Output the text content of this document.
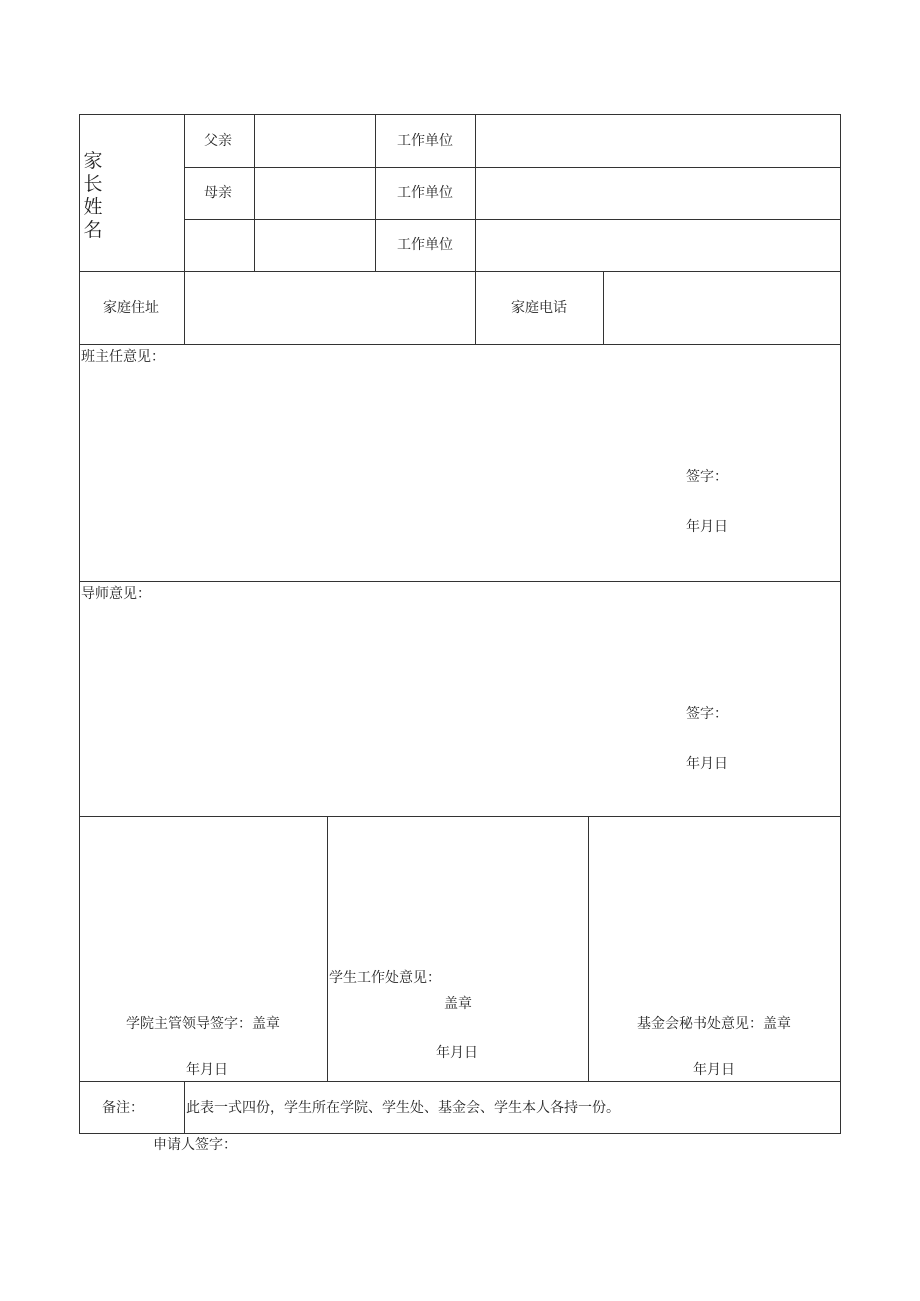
家
长
姓
名
父亲
母亲
工作单位
工作单位
工作单位
家庭住址	家庭电话
班主任意见：
签字：
年月日
导师意见：
签字：
年月日
学院主管领导签字：盖章
年月日
学生工作处意见：
盖章
年月日
基金会秘书处意见：盖章
年月日
备注：	此表一式四份，学生所在学院、学生处、基金会、学生本人各持一份。
申请人签字：
